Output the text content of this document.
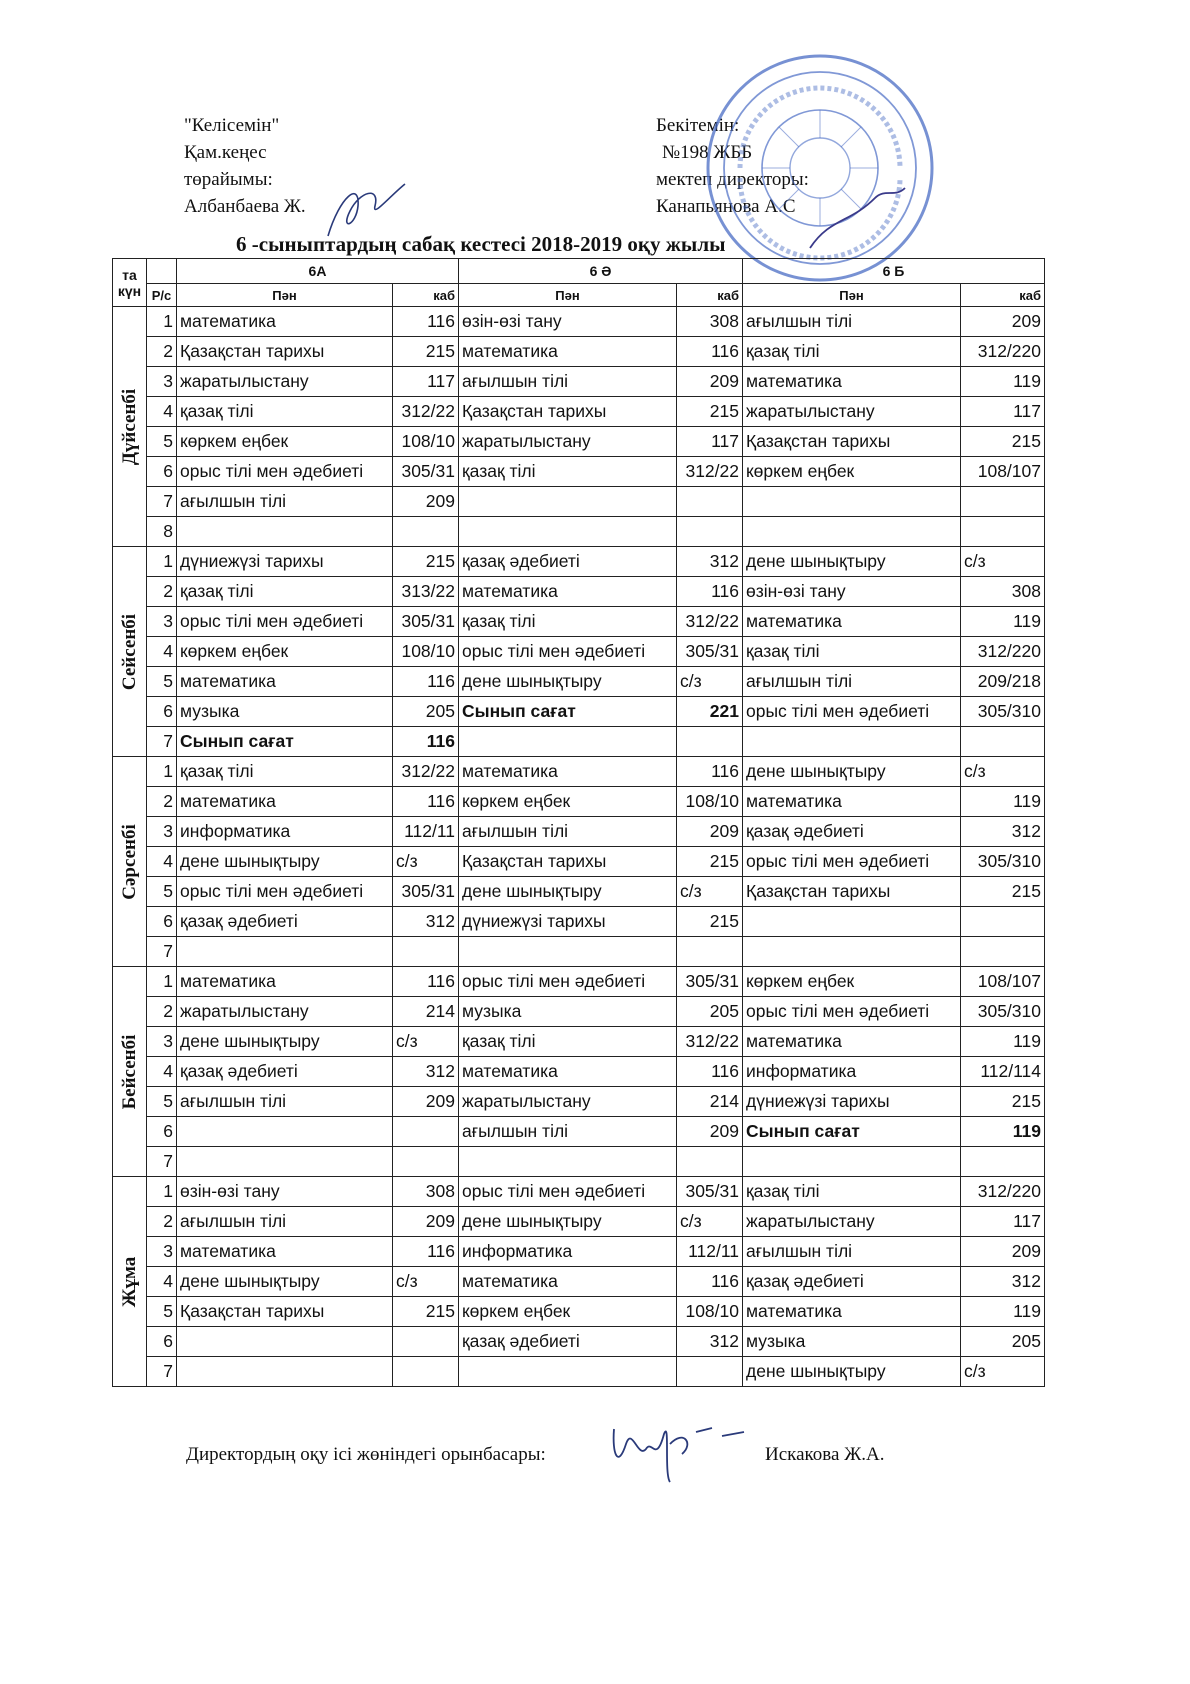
"Келісемін"
Қам.кеңес
төрайымы:
Албанбаева Ж.
Бекітемін:
№198 ЖББ
мектеп директоры:
Канапьянова А.С
6 -сыныптардың сабақ кестесі 2018-2019 оқу жылы
та күн		6А		6 Ә		6 Б	
	Р/с	Пән	каб	Пән	каб	Пән	каб

Дүйсенбі	1	математика	116	өзін-өзі тану	308	ағылшын тілі	209
	2	Қазақстан тарихы	215	математика	116	қазақ тілі	312/220
	3	жаратылыстану	117	ағылшын тілі	209	математика	119
	4	қазақ тілі	312/22	Қазақстан тарихы	215	жаратылыстану	117
	5	көркем еңбек	108/10	жаратылыстану	117	Қазақстан тарихы	215
	6	орыс тілі мен әдебиеті	305/31	қазақ тілі	312/22	көркем еңбек	108/107
	7	ағылшын тілі	209				
	8						

Сейсенбі	1	дүниежүзі тарихы	215	қазақ әдебиеті	312	дене шынықтыру	с/з
	2	қазақ тілі	313/22	математика	116	өзін-өзі тану	308
	3	орыс тілі мен әдебиеті	305/31	қазақ тілі	312/22	математика	119
	4	көркем еңбек	108/10	орыс тілі мен әдебиеті	305/31	қазақ тілі	312/220
	5	математика	116	дене шынықтыру	с/з	ағылшын тілі	209/218
	6	музыка	205	Сынып сағат	221	орыс тілі мен әдебиеті	305/310
	7	Сынып сағат	116				

Сәрсенбі	1	қазақ тілі	312/22	математика	116	дене шынықтыру	с/з
	2	математика	116	көркем еңбек	108/10	математика	119
	3	информатика	112/11	ағылшын тілі	209	қазақ әдебиеті	312
	4	дене шынықтыру	с/з	Қазақстан тарихы	215	орыс тілі мен әдебиеті	305/310
	5	орыс тілі мен әдебиеті	305/31	дене шынықтыру	с/з	Қазақстан тарихы	215
	6	қазақ әдебиеті	312	дүниежүзі тарихы	215		
	7						

Бейсенбі	1	математика	116	орыс тілі мен әдебиеті	305/31	көркем еңбек	108/107
	2	жаратылыстану	214	музыка	205	орыс тілі мен әдебиеті	305/310
	3	дене шынықтыру	с/з	қазақ тілі	312/22	математика	119
	4	қазақ әдебиеті	312	математика	116	информатика	112/114
	5	ағылшын тілі	209	жаратылыстану	214	дүниежүзі тарихы	215
	6			ағылшын тілі	209	Сынып сағат	119
	7						

Жұма	1	өзін-өзі тану	308	орыс тілі мен әдебиеті	305/31	қазақ тілі	312/220
	2	ағылшын тілі	209	дене шынықтыру	с/з	жаратылыстану	117
	3	математика	116	информатика	112/11	ағылшын тілі	209
	4	дене шынықтыру	с/з	математика	116	қазақ әдебиеті	312
	5	Қазақстан тарихы	215	көркем еңбек	108/10	математика	119
	6			қазақ әдебиеті	312	музыка	205
	7					дене шынықтыру	с/з
Директордың оқу ісі жөніндегі орынбасары:	Искакова Ж.А.
